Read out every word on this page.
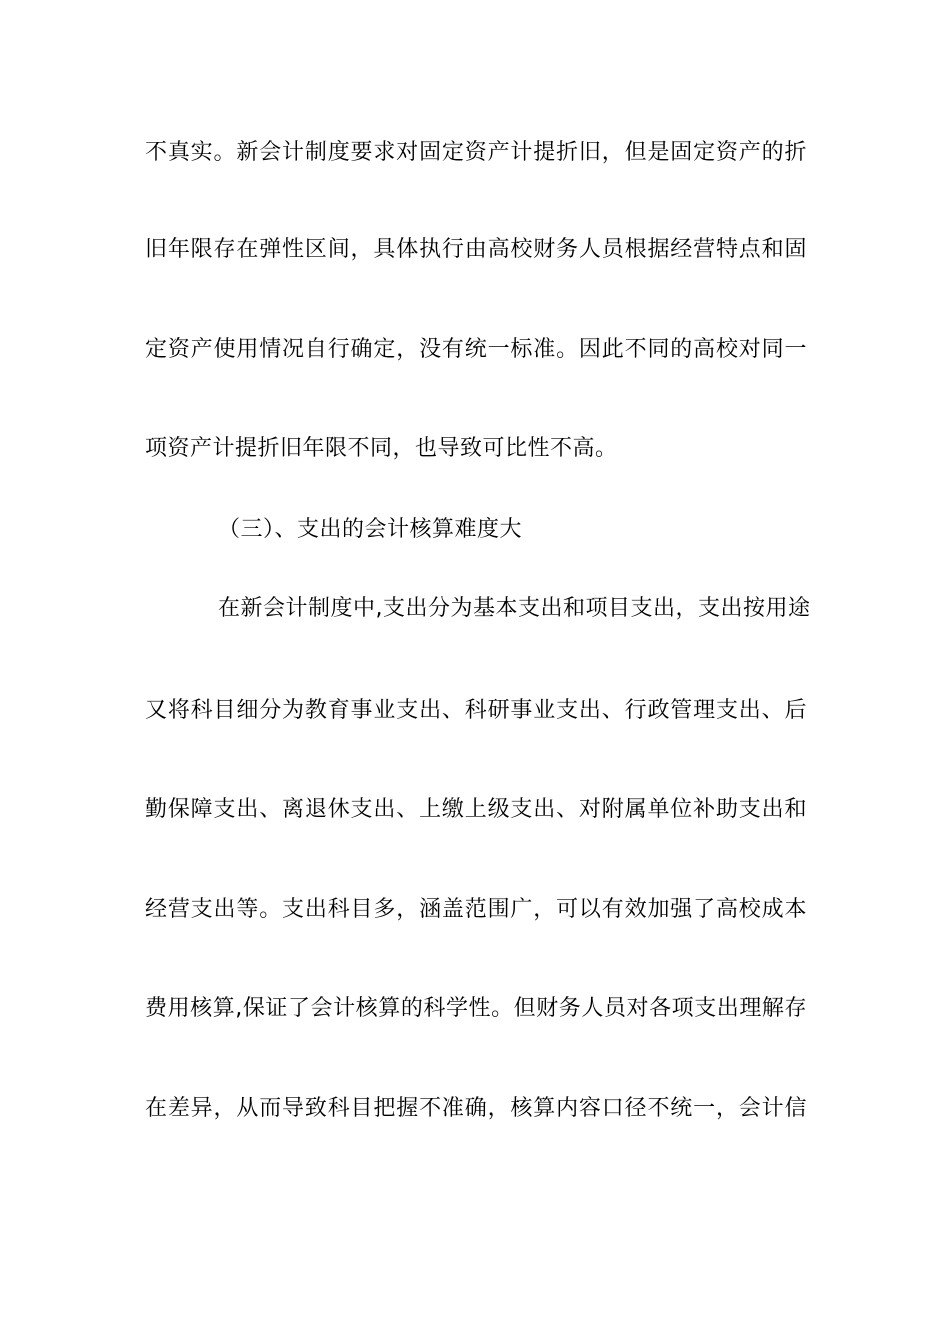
不真实。新会计制度要求对固定资产计提折旧，但是固定资产的折
旧年限存在弹性区间，具体执行由高校财务人员根据经营特点和固
定资产使用情况自行确定，没有统一标准。因此不同的高校对同一
项资产计提折旧年限不同，也导致可比性不高。
（三）、支出的会计核算难度大
在新会计制度中,支出分为基本支出和项目支出，支出按用途
又将科目细分为教育事业支出、科研事业支出、行政管理支出、后
勤保障支出、离退休支出、上缴上级支出、对附属单位补助支出和
经营支出等。支出科目多，涵盖范围广，可以有效加强了高校成本
费用核算,保证了会计核算的科学性。但财务人员对各项支出理解存
在差异，从而导致科目把握不准确，核算内容口径不统一，会计信
